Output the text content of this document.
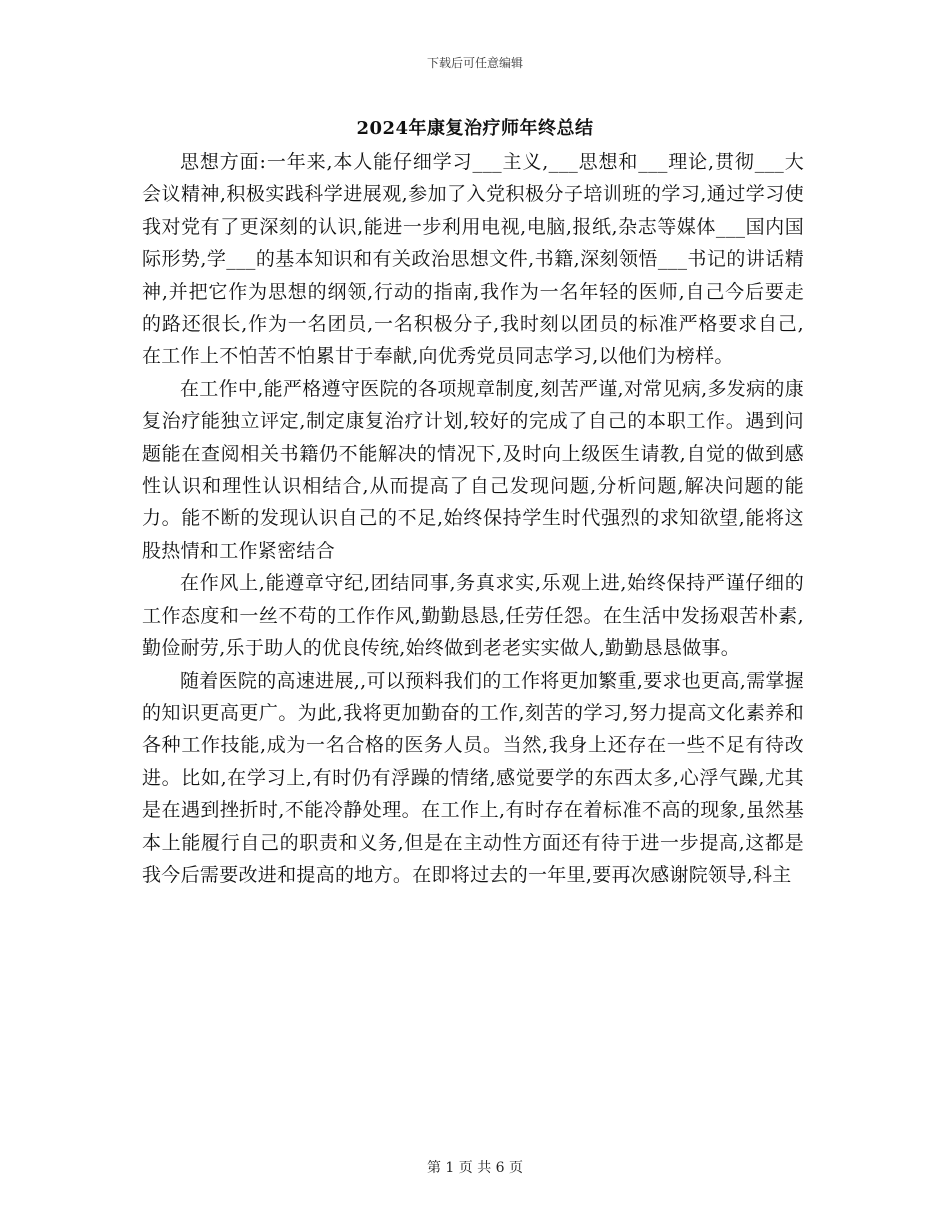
下载后可任意编辑
2024年康复治疗师年终总结

思想方面:一年来,本人能仔细学习___主义,___思想和___理论,贯彻___大会议精神,积极实践科学进展观,参加了入党积极分子培训班的学习,通过学习使我对党有了更深刻的认识,能进一步利用电视,电脑,报纸,杂志等媒体___国内国际形势,学___的基本知识和有关政治思想文件,书籍,深刻领悟___书记的讲话精神,并把它作为思想的纲领,行动的指南,我作为一名年轻的医师,自己今后要走的路还很长,作为一名团员,一名积极分子,我时刻以团员的标准严格要求自己,在工作上不怕苦不怕累甘于奉献,向优秀党员同志学习,以他们为榜样。

在工作中,能严格遵守医院的各项规章制度,刻苦严谨,对常见病,多发病的康复治疗能独立评定,制定康复治疗计划,较好的完成了自己的本职工作。遇到问题能在查阅相关书籍仍不能解决的情况下,及时向上级医生请教,自觉的做到感性认识和理性认识相结合,从而提高了自己发现问题,分析问题,解决问题的能力。能不断的发现认识自己的不足,始终保持学生时代强烈的求知欲望,能将这股热情和工作紧密结合

在作风上,能遵章守纪,团结同事,务真求实,乐观上进,始终保持严谨仔细的工作态度和一丝不苟的工作作风,勤勤恳恳,任劳任怨。在生活中发扬艰苦朴素,勤俭耐劳,乐于助人的优良传统,始终做到老老实实做人,勤勤恳恳做事。

随着医院的高速进展,,可以预料我们的工作将更加繁重,要求也更高,需掌握的知识更高更广。为此,我将更加勤奋的工作,刻苦的学习,努力提高文化素养和各种工作技能,成为一名合格的医务人员。当然,我身上还存在一些不足有待改进。比如,在学习上,有时仍有浮躁的情绪,感觉要学的东西太多,心浮气躁,尤其是在遇到挫折时,不能冷静处理。在工作上,有时存在着标准不高的现象,虽然基本上能履行自己的职责和义务,但是在主动性方面还有待于进一步提高,这都是我今后需要改进和提高的地方。在即将过去的一年里,要再次感谢院领导,科主

第 1 页 共 6 页
